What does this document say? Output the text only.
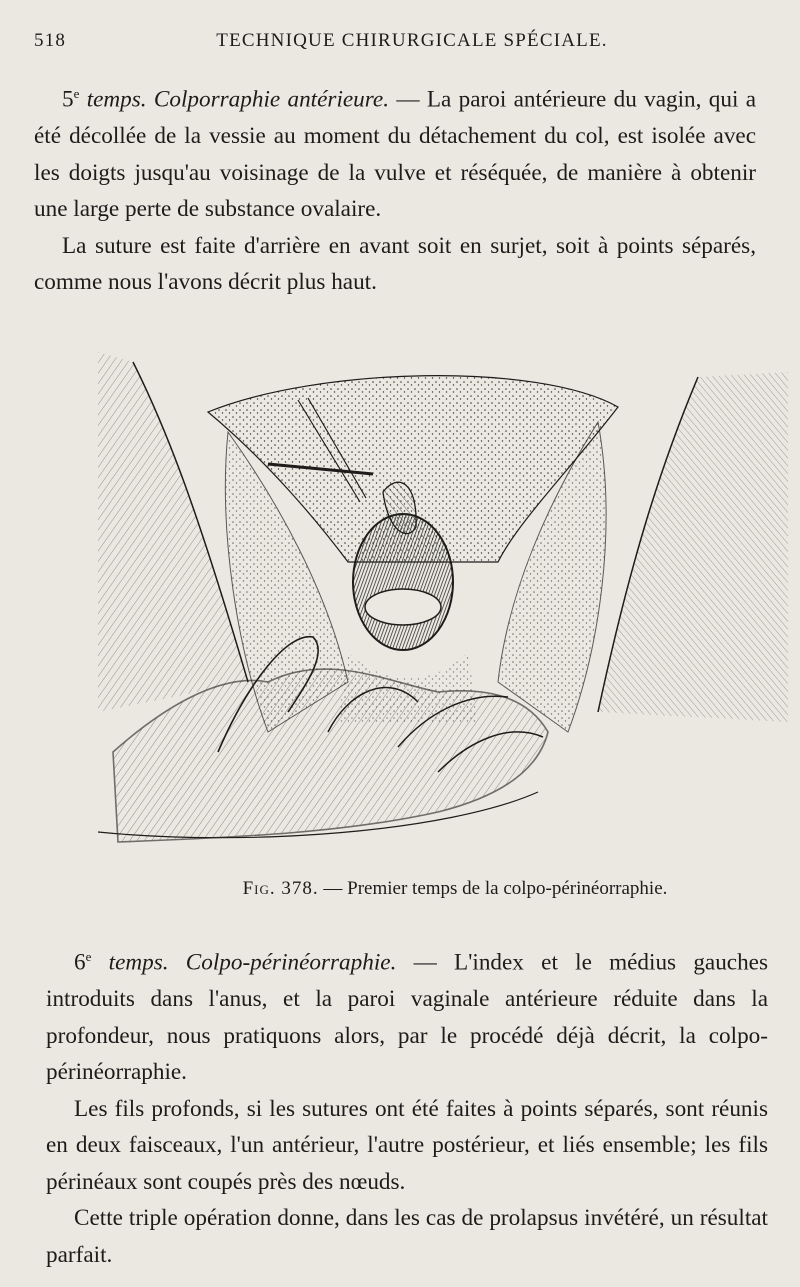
518	TECHNIQUE CHIRURGICALE SPÉCIALE.

5e temps. Colporraphie antérieure. — La paroi antérieure du vagin, qui a été décollée de la vessie au moment du détachement du col, est isolée avec les doigts jusqu'au voisinage de la vulve et réséquée, de manière à obtenir une large perte de substance ovalaire.

La suture est faite d'arrière en avant soit en surjet, soit à points séparés, comme nous l'avons décrit plus haut.

Fig. 378. — Premier temps de la colpo-périnéorraphie.

6e temps. Colpo-périnéorraphie. — L'index et le médius gauches introduits dans l'anus, et la paroi vaginale antérieure réduite dans la profondeur, nous pratiquons alors, par le procédé déjà décrit, la colpo-périnéorraphie.

Les fils profonds, si les sutures ont été faites à points séparés, sont réunis en deux faisceaux, l'un antérieur, l'autre postérieur, et liés ensemble; les fils périnéaux sont coupés près des nœuds.

Cette triple opération donne, dans les cas de prolapsus invétéré, un résultat parfait.
